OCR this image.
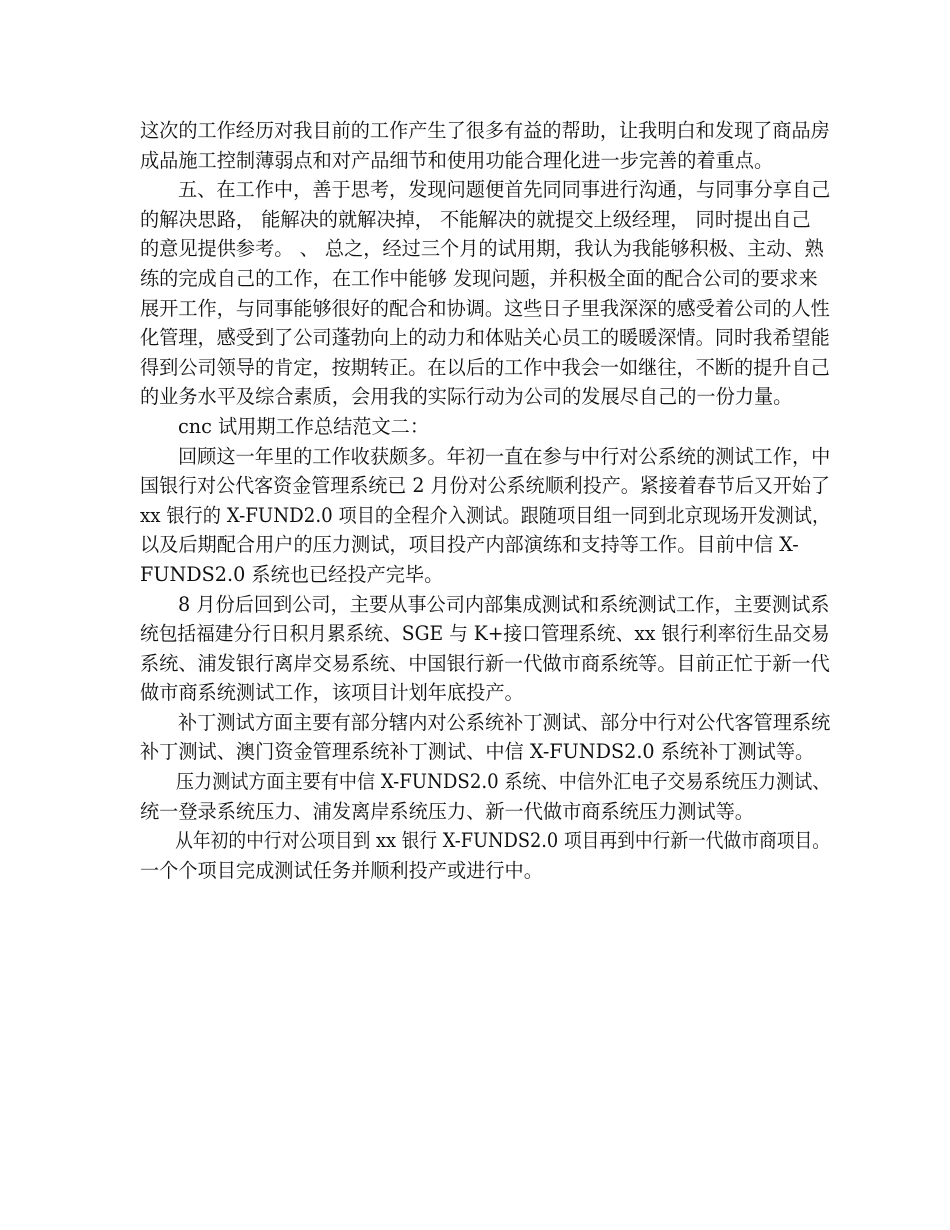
这次的工作经历对我目前的工作产生了很多有益的帮助，让我明白和发现了商品房
成品施工控制薄弱点和对产品细节和使用功能合理化进一步完善的着重点。
五、在工作中，善于思考，发现问题便首先同同事进行沟通，与同事分享自己
的解决思路， 能解决的就解决掉， 不能解决的就提交上级经理， 同时提出自己
的意见提供参考。 、 总之，经过三个月的试用期，我认为我能够积极、主动、熟
练的完成自己的工作，在工作中能够 发现问题，并积极全面的配合公司的要求来
展开工作，与同事能够很好的配合和协调。这些日子里我深深的感受着公司的人性
化管理，感受到了公司蓬勃向上的动力和体贴关心员工的暖暖深情。同时我希望能
得到公司领导的肯定，按期转正。在以后的工作中我会一如继往，不断的提升自己
的业务水平及综合素质，会用我的实际行动为公司的发展尽自己的一份力量。
cnc 试用期工作总结范文二：
回顾这一年里的工作收获颇多。年初一直在参与中行对公系统的测试工作，中
国银行对公代客资金管理系统已 2 月份对公系统顺利投产。紧接着春节后又开始了
xx 银行的 X-FUND2.0 项目的全程介入测试。跟随项目组一同到北京现场开发测试，
以及后期配合用户的压力测试，项目投产内部演练和支持等工作。目前中信 X-
FUNDS2.0 系统也已经投产完毕。
8 月份后回到公司，主要从事公司内部集成测试和系统测试工作，主要测试系
统包括福建分行日积月累系统、SGE 与 K+接口管理系统、xx 银行利率衍生品交易
系统、浦发银行离岸交易系统、中国银行新一代做市商系统等。目前正忙于新一代
做市商系统测试工作，该项目计划年底投产。
补丁测试方面主要有部分辖内对公系统补丁测试、部分中行对公代客管理系统
补丁测试、澳门资金管理系统补丁测试、中信 X-FUNDS2.0 系统补丁测试等。
压力测试方面主要有中信 X-FUNDS2.0 系统、中信外汇电子交易系统压力测试、
统一登录系统压力、浦发离岸系统压力、新一代做市商系统压力测试等。
从年初的中行对公项目到 xx 银行 X-FUNDS2.0 项目再到中行新一代做市商项目。
一个个项目完成测试任务并顺利投产或进行中。
